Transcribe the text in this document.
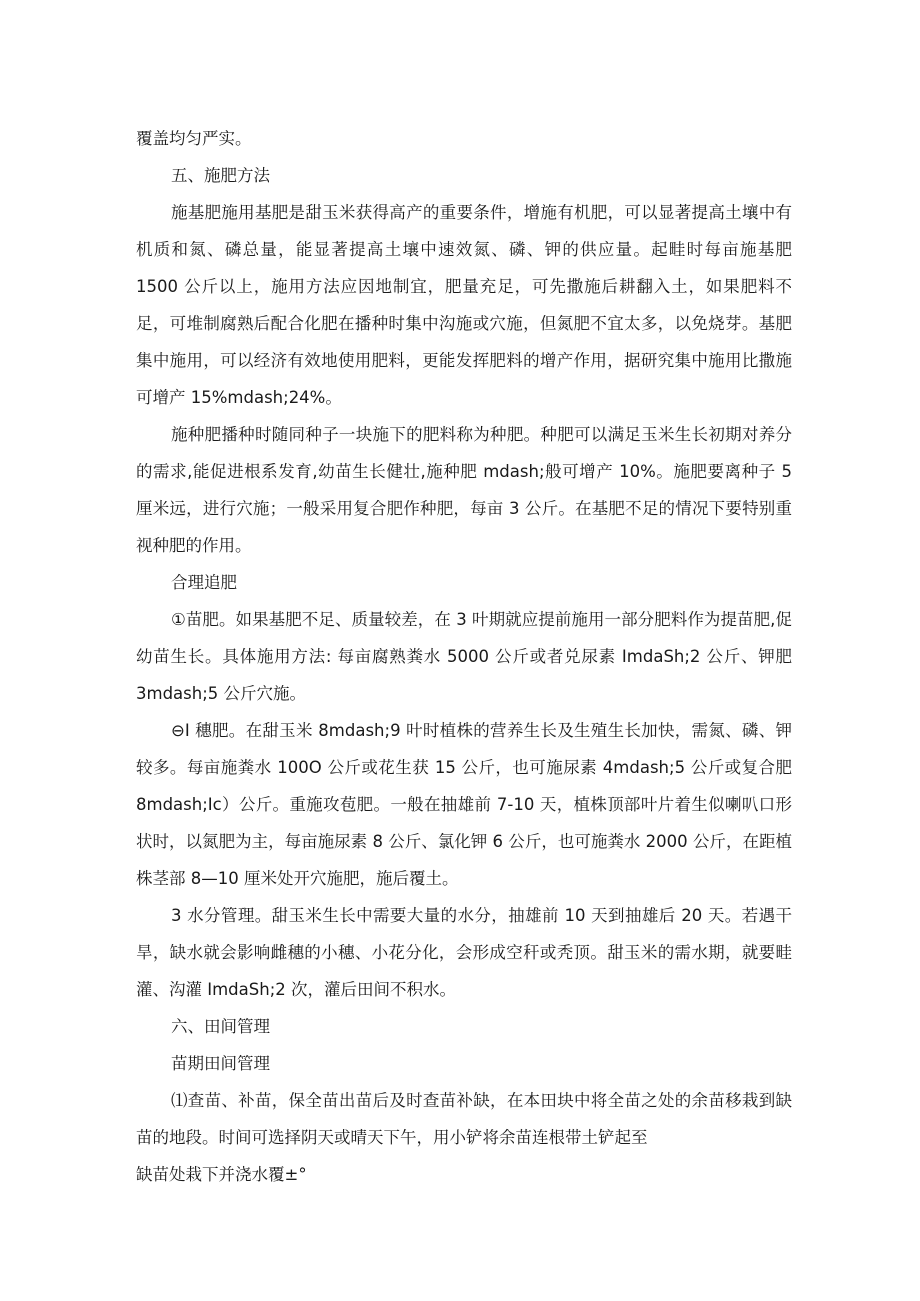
覆盖均匀严实。

五、施肥方法

施基肥施用基肥是甜玉米获得高产的重要条件，增施有机肥，可以显著提高土壤中有机质和氮、磷总量，能显著提高土壤中速效氮、磷、钾的供应量。起畦时每亩施基肥 1500 公斤以上，施用方法应因地制宜，肥量充足，可先撒施后耕翻入土，如果肥料不足，可堆制腐熟后配合化肥在播种时集中沟施或穴施，但氮肥不宜太多，以免烧芽。基肥集中施用，可以经济有效地使用肥料，更能发挥肥料的增产作用，据研究集中施用比撒施可增产 15%mdash;24%。

施种肥播种时随同种子一块施下的肥料称为种肥。种肥可以满足玉米生长初期对养分的需求,能促进根系发育,幼苗生长健壮,施种肥 mdash;般可增产 10%。施肥要离种子 5 厘米远，进行穴施；一般采用复合肥作种肥，每亩 3 公斤。在基肥不足的情况下要特别重视种肥的作用。

合理追肥

①苗肥。如果基肥不足、质量较差，在 3 叶期就应提前施用一部分肥料作为提苗肥,促幼苗生长。具体施用方法: 每亩腐熟粪水 5000 公斤或者兑尿素 ImdaSh;2 公斤、钾肥 3mdash;5 公斤穴施。

⊖I 穗肥。在甜玉米 8mdash;9 叶时植株的营养生长及生殖生长加快，需氮、磷、钾较多。每亩施粪水 100O 公斤或花生获 15 公斤，也可施尿素 4mdash;5 公斤或复合肥 8mdash;Ic）公斤。重施攻苞肥。一般在抽雄前 7-10 天，植株顶部叶片着生似喇叭口形状时，以氮肥为主，每亩施尿素 8 公斤、氯化钾 6 公斤，也可施粪水 2000 公斤，在距植株茎部 8—10 厘米处开穴施肥，施后覆土。

3 水分管理。甜玉米生长中需要大量的水分，抽雄前 10 天到抽雄后 20 天。若遇干旱，缺水就会影响雌穗的小穗、小花分化，会形成空秆或秃顶。甜玉米的需水期，就要畦灌、沟灌 ImdaSh;2 次，灌后田间不积水。

六、田间管理

苗期田间管理

⑴查苗、补苗，保全苗出苗后及时查苗补缺，在本田块中将全苗之处的余苗移栽到缺苗的地段。时间可选择阴天或晴天下午，用小铲将余苗连根带土铲起至

缺苗处栽下并浇水覆±°
